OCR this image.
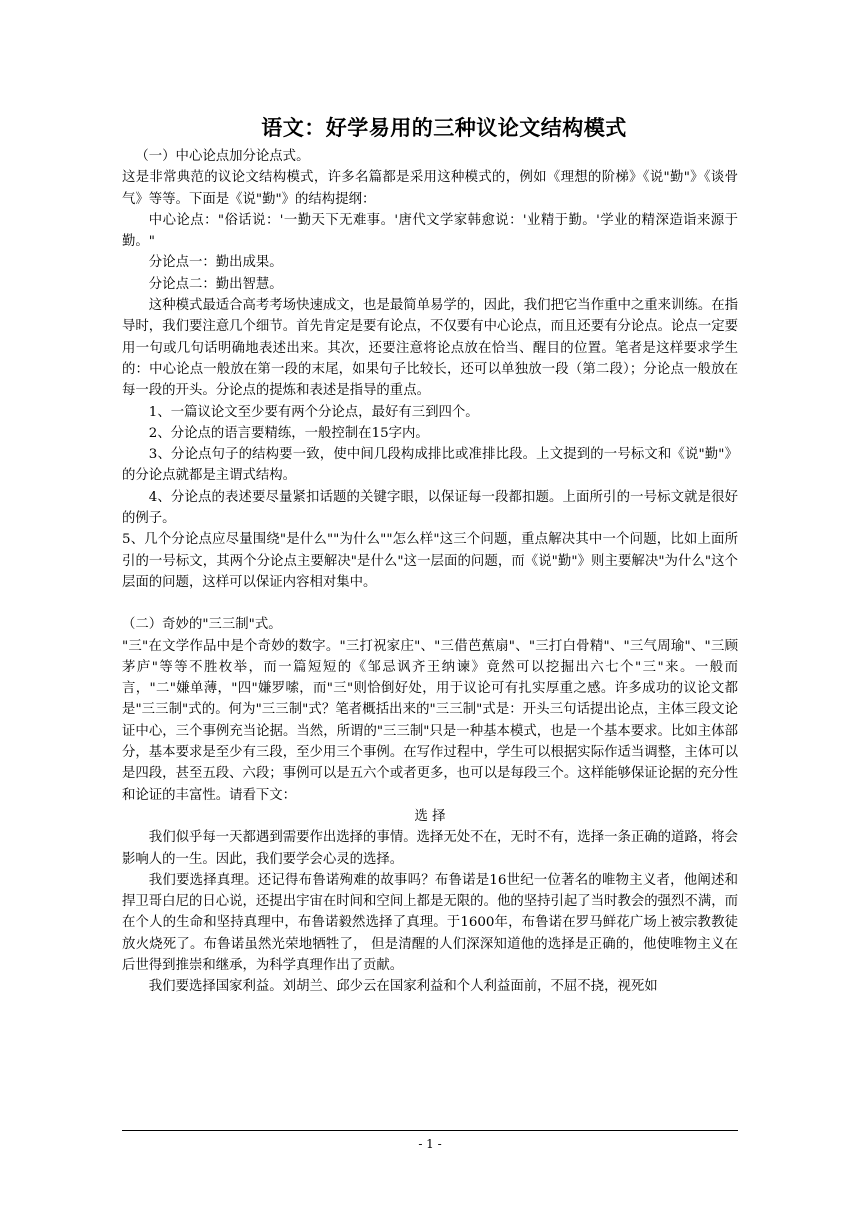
语文：好学易用的三种议论文结构模式

（一）中心论点加分论点式。

这是非常典范的议论文结构模式，许多名篇都是采用这种模式的，例如《理想的阶梯》《说"勤"》《谈骨气》等等。下面是《说"勤"》的结构提纲：

中心论点："俗话说：'一勤天下无难事。'唐代文学家韩愈说：'业精于勤。'学业的精深造诣来源于勤。"

分论点一：勤出成果。

分论点二：勤出智慧。

这种模式最适合高考考场快速成文，也是最简单易学的，因此，我们把它当作重中之重来训练。在指导时，我们要注意几个细节。首先肯定是要有论点，不仅要有中心论点，而且还要有分论点。论点一定要用一句或几句话明确地表述出来。其次，还要注意将论点放在恰当、醒目的位置。笔者是这样要求学生的：中心论点一般放在第一段的末尾，如果句子比较长，还可以单独放一段（第二段）；分论点一般放在每一段的开头。分论点的提炼和表述是指导的重点。

1、一篇议论文至少要有两个分论点，最好有三到四个。

2、分论点的语言要精练，一般控制在15字内。

3、分论点句子的结构要一致，使中间几段构成排比或准排比段。上文提到的一号标文和《说"勤"》的分论点就都是主谓式结构。

4、分论点的表述要尽量紧扣话题的关键字眼，以保证每一段都扣题。上面所引的一号标文就是很好的例子。

5、几个分论点应尽量围绕"是什么""为什么""怎么样"这三个问题，重点解决其中一个问题，比如上面所引的一号标文，其两个分论点主要解决"是什么"这一层面的问题，而《说"勤"》则主要解决"为什么"这个层面的问题，这样可以保证内容相对集中。

（二）奇妙的"三三制"式。

"三"在文学作品中是个奇妙的数字。"三打祝家庄"、"三借芭蕉扇"、"三打白骨精"、"三气周瑜"、"三顾茅庐"等等不胜枚举，而一篇短短的《邹忌讽齐王纳谏》竟然可以挖掘出六七个"三"来。一般而言，"二"嫌单薄，"四"嫌罗嗦，而"三"则恰倒好处，用于议论可有扎实厚重之感。许多成功的议论文都是"三三制"式的。何为"三三制"式？笔者概括出来的"三三制"式是：开头三句话提出论点，主体三段文论证中心，三个事例充当论据。当然，所谓的"三三制"只是一种基本模式，也是一个基本要求。比如主体部分，基本要求是至少有三段，至少用三个事例。在写作过程中，学生可以根据实际作适当调整，主体可以是四段，甚至五段、六段；事例可以是五六个或者更多，也可以是每段三个。这样能够保证论据的充分性和论证的丰富性。请看下文：

选 择

我们似乎每一天都遇到需要作出选择的事情。选择无处不在，无时不有，选择一条正确的道路，将会影响人的一生。因此，我们要学会心灵的选择。

我们要选择真理。还记得布鲁诺殉难的故事吗？布鲁诺是16世纪一位著名的唯物主义者，他阐述和捍卫哥白尼的日心说，还提出宇宙在时间和空间上都是无限的。他的坚持引起了当时教会的强烈不满，而在个人的生命和坚持真理中，布鲁诺毅然选择了真理。于1600年，布鲁诺在罗马鲜花广场上被宗教教徒放火烧死了。布鲁诺虽然光荣地牺牲了， 但是清醒的人们深深知道他的选择是正确的，他使唯物主义在后世得到推崇和继承，为科学真理作出了贡献。

我们要选择国家利益。刘胡兰、邱少云在国家利益和个人利益面前，不屈不挠，视死如

- 1 -
